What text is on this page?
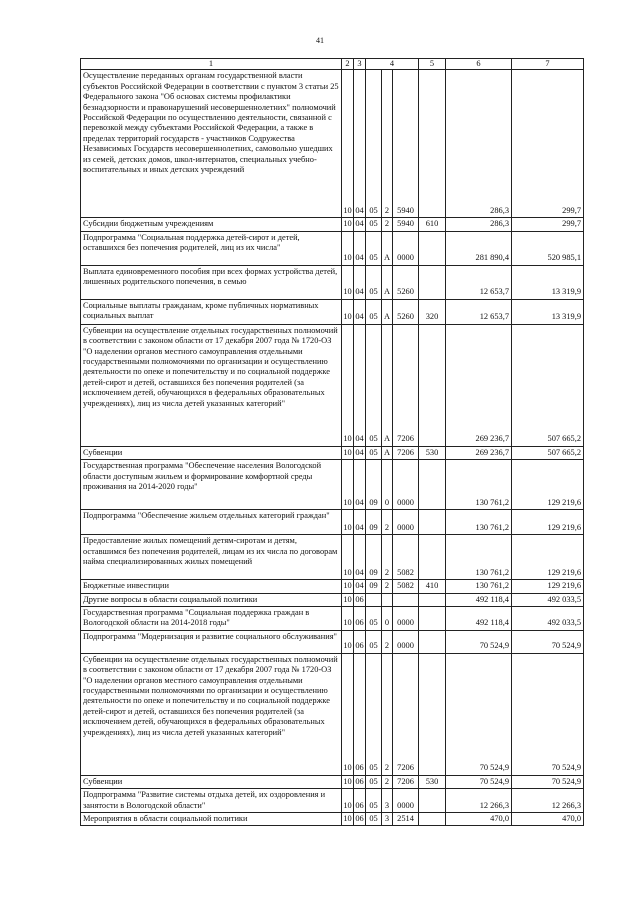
41
1	2	3	4			5	6	7
Осуществление переданных органам государственной власти субъектов Российской Федерации в соответствии с пунктом 3 статьи 25 Федерального закона "Об основах системы профилактики безнадзорности и правонарушений несовершеннолетних" полномочий Российской Федерации по осуществлению деятельности, связанной с перевозкой между субъектами Российской Федерации, а также в пределах территорий государств - участников Содружества Независимых Государств несовершеннолетних, самовольно ушедших из семей, детских домов, школ-интернатов, специальных учебно-воспитательных и иных детских учреждений	10	04	05	2	5940		286,3	299,7
Субсидии бюджетным учреждениям	10	04	05	2	5940	610	286,3	299,7
Подпрограмма "Социальная поддержка детей-сирот и детей, оставшихся без попечения родителей, лиц из их числа"	10	04	05	А	0000		281 890,4	520 985,1
Выплата единовременного пособия при всех формах устройства детей, лишенных родительского попечения, в семью	10	04	05	А	5260		12 653,7	13 319,9
Социальные выплаты гражданам, кроме публичных нормативных социальных выплат	10	04	05	А	5260	320	12 653,7	13 319,9
Субвенции на осуществление отдельных государственных полномочий в соответствии с законом области от 17 декабря 2007 года № 1720-ОЗ "О наделении органов местного самоуправления отдельными государственными полномочиями по организации и осуществлению деятельности по опеке и попечительству и по социальной поддержке детей-сирот и детей, оставшихся без попечения родителей (за исключением детей, обучающихся в федеральных образовательных учреждениях), лиц из числа детей указанных категорий"	10	04	05	А	7206		269 236,7	507 665,2
Субвенции	10	04	05	А	7206	530	269 236,7	507 665,2
Государственная программа "Обеспечение населения Вологодской области доступным жильем и формирование комфортной среды проживания на 2014-2020 годы"	10	04	09	0	0000		130 761,2	129 219,6
Подпрограмма "Обеспечение жильем отдельных категорий граждан"	10	04	09	2	0000		130 761,2	129 219,6
Предоставление жилых помещений детям-сиротам и детям, оставшимся без попечения родителей, лицам из их числа по договорам найма специализированных жилых помещений	10	04	09	2	5082		130 761,2	129 219,6
Бюджетные инвестиции	10	04	09	2	5082	410	130 761,2	129 219,6
Другие вопросы в области социальной политики	10	06					492 118,4	492 033,5
Государственная программа "Социальная поддержка граждан в Вологодской области на 2014-2018 годы"	10	06	05	0	0000		492 118,4	492 033,5
Подпрограмма "Модернизация и развитие социального обслуживания"	10	06	05	2	0000		70 524,9	70 524,9
Субвенции на осуществление отдельных государственных полномочий в соответствии с законом области от 17 декабря 2007 года № 1720-ОЗ "О наделении органов местного самоуправления отдельными государственными полномочиями по организации и осуществлению деятельности по опеке и попечительству и по социальной поддержке детей-сирот и детей, оставшихся без попечения родителей (за исключением детей, обучающихся в федеральных образовательных учреждениях), лиц из числа детей указанных категорий"	10	06	05	2	7206		70 524,9	70 524,9
Субвенции	10	06	05	2	7206	530	70 524,9	70 524,9
Подпрограмма "Развитие системы отдыха детей, их оздоровления и занятости в Вологодской области"	10	06	05	3	0000		12 266,3	12 266,3
Мероприятия в области социальной политики	10	06	05	3	2514		470,0	470,0
